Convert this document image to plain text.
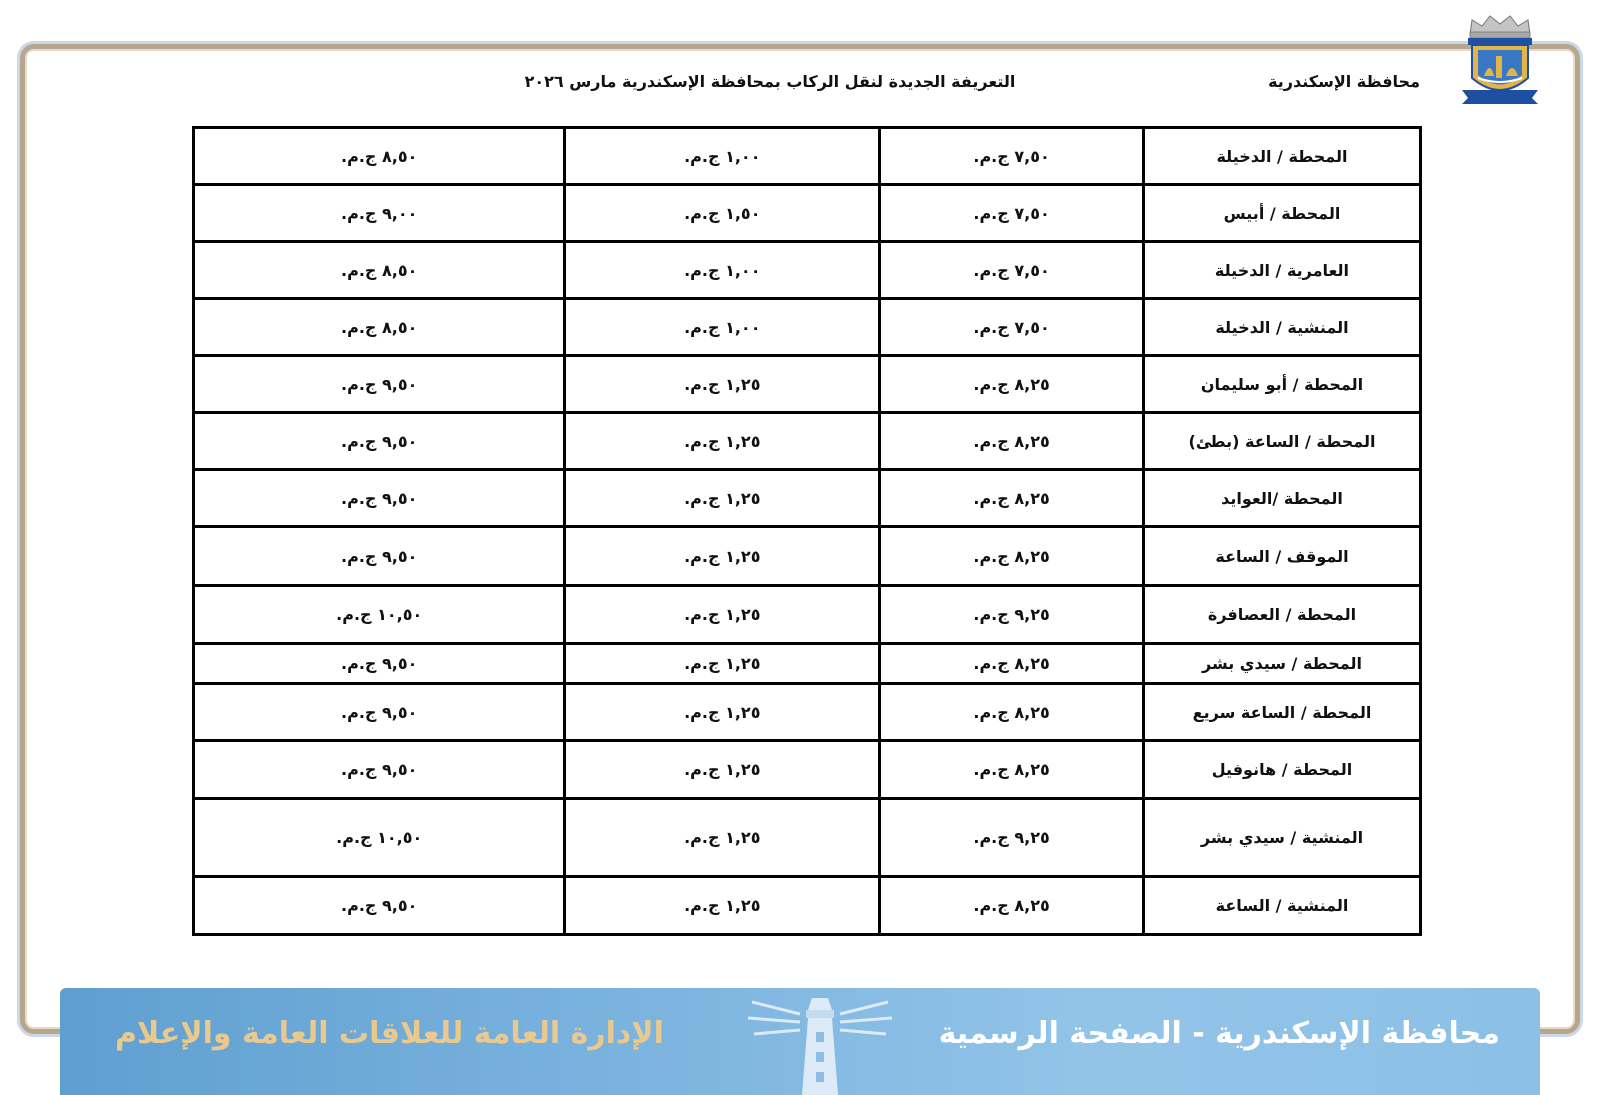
محافظة الإسكندرية
التعريفة الجديدة لنقل الركاب بمحافظة الإسكندرية مارس ٢٠٢٦
المحطة / الدخيلة	٧,٥٠ ج.م.	١,٠٠ ج.م.	٨,٥٠ ج.م.
المحطة / أبيس	٧,٥٠ ج.م.	١,٥٠ ج.م.	٩,٠٠ ج.م.
العامرية / الدخيلة	٧,٥٠ ج.م.	١,٠٠ ج.م.	٨,٥٠ ج.م.
المنشية / الدخيلة	٧,٥٠ ج.م.	١,٠٠ ج.م.	٨,٥٠ ج.م.
المحطة / أبو سليمان	٨,٢٥ ج.م.	١,٢٥ ج.م.	٩,٥٠ ج.م.
المحطة / الساعة (بطئ)	٨,٢٥ ج.م.	١,٢٥ ج.م.	٩,٥٠ ج.م.
المحطة /العوايد	٨,٢٥ ج.م.	١,٢٥ ج.م.	٩,٥٠ ج.م.
الموقف / الساعة	٨,٢٥ ج.م.	١,٢٥ ج.م.	٩,٥٠ ج.م.
المحطة / العصافرة	٩,٢٥ ج.م.	١,٢٥ ج.م.	١٠,٥٠ ج.م.
المحطة / سيدي بشر	٨,٢٥ ج.م.	١,٢٥ ج.م.	٩,٥٠ ج.م.
المحطة / الساعة سريع	٨,٢٥ ج.م.	١,٢٥ ج.م.	٩,٥٠ ج.م.
المحطة / هانوفيل	٨,٢٥ ج.م.	١,٢٥ ج.م.	٩,٥٠ ج.م.
المنشية / سيدي بشر	٩,٢٥ ج.م.	١,٢٥ ج.م.	١٠,٥٠ ج.م.
المنشية / الساعة	٨,٢٥ ج.م.	١,٢٥ ج.م.	٩,٥٠ ج.م.
محافظة الإسكندرية - الصفحة الرسمية
الإدارة العامة للعلاقات العامة والإعلام
